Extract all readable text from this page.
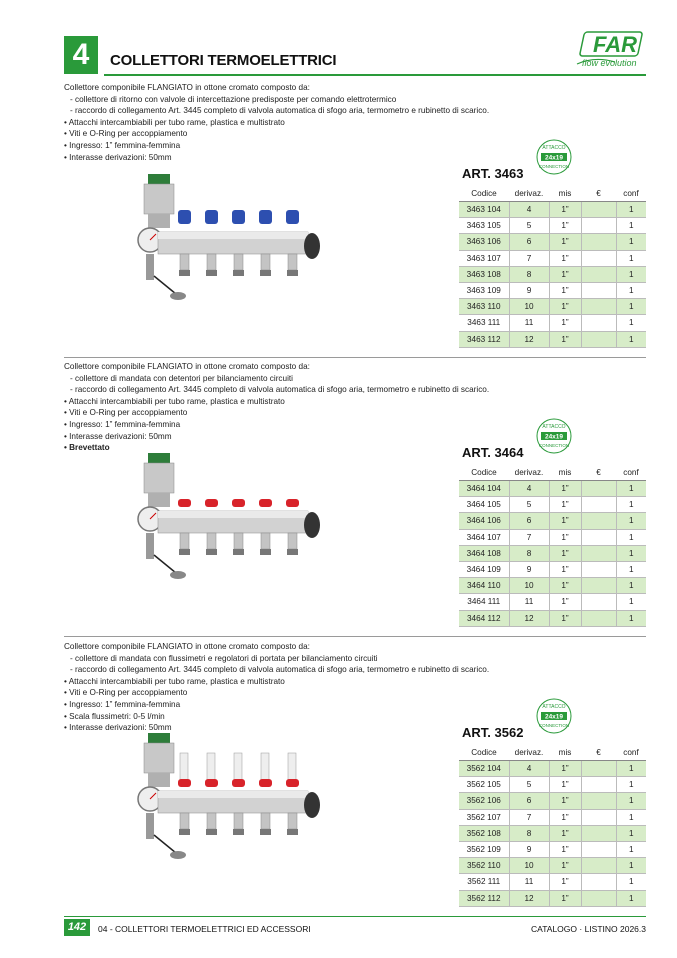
4	COLLETTORI TERMOELETTRICI
FAR
flow evolution
Collettore componibile FLANGIATO in ottone cromato composto da:
- collettore di ritorno con valvole di intercettazione predisposte per comando elettrotermico
- raccordo di collegamento Art. 3445 completo di valvola automatica di sfogo aria, termometro e rubinetto di scarico.
• Attacchi intercambiabili per tubo rame, plastica e multistrato
• Viti e O-Ring per accoppiamento
• Ingresso: 1” femmina-femmina
• Interasse derivazioni: 50mm
ART. 3463
ATTACCO
24x19
CONNECTION
Codice	derivaz.	mis	€	conf
3463 104	4	1”		1
3463 105	5	1”		1
3463 106	6	1”		1
3463 107	7	1”		1
3463 108	8	1”		1
3463 109	9	1”		1
3463 110	10	1”		1
3463 111	11	1”		1
3463 112	12	1”		1
Collettore componibile FLANGIATO in ottone cromato composto da:
- collettore di mandata con detentori per bilanciamento circuiti
- raccordo di collegamento Art. 3445 completo di valvola automatica di sfogo aria, termometro e rubinetto di scarico.
• Attacchi intercambiabili per tubo rame, plastica e multistrato
• Viti e O-Ring per accoppiamento
• Ingresso: 1” femmina-femmina
• Interasse derivazioni: 50mm
• Brevettato	ART. 3464
ATTACCO
24x19
CONNECTION
Codice	derivaz.	mis	€	conf
3464 104	4	1”		1
3464 105	5	1”		1
3464 106	6	1”		1
3464 107	7	1”		1
3464 108	8	1”		1
3464 109	9	1”		1
3464 110	10	1”		1
3464 111	11	1”		1
3464 112	12	1”		1
Collettore componibile FLANGIATO in ottone cromato composto da:
- collettore di mandata con flussimetri e regolatori di portata per bilanciamento circuiti
- raccordo di collegamento Art. 3445 completo di valvola automatica di sfogo aria, termometro e rubinetto di scarico.
• Attacchi intercambiabili per tubo rame, plastica e multistrato
• Viti e O-Ring per accoppiamento
• Ingresso: 1” femmina-femmina
• Scala flussimetri: 0-5 l/min
• Interasse derivazioni: 50mm	ART. 3562
ATTACCO
24x19
CONNECTION
Codice	derivaz.	mis	€	conf
3562 104	4	1”		1
3562 105	5	1”		1
3562 106	6	1”		1
3562 107	7	1”		1
3562 108	8	1”		1
3562 109	9	1”		1
3562 110	10	1”		1
3562 111	11	1”		1
3562 112	12	1”		1
142	04 - COLLETTORI TERMOELETTRICI ED ACCESSORI	CATALOGO · LISTINO 2026.3
